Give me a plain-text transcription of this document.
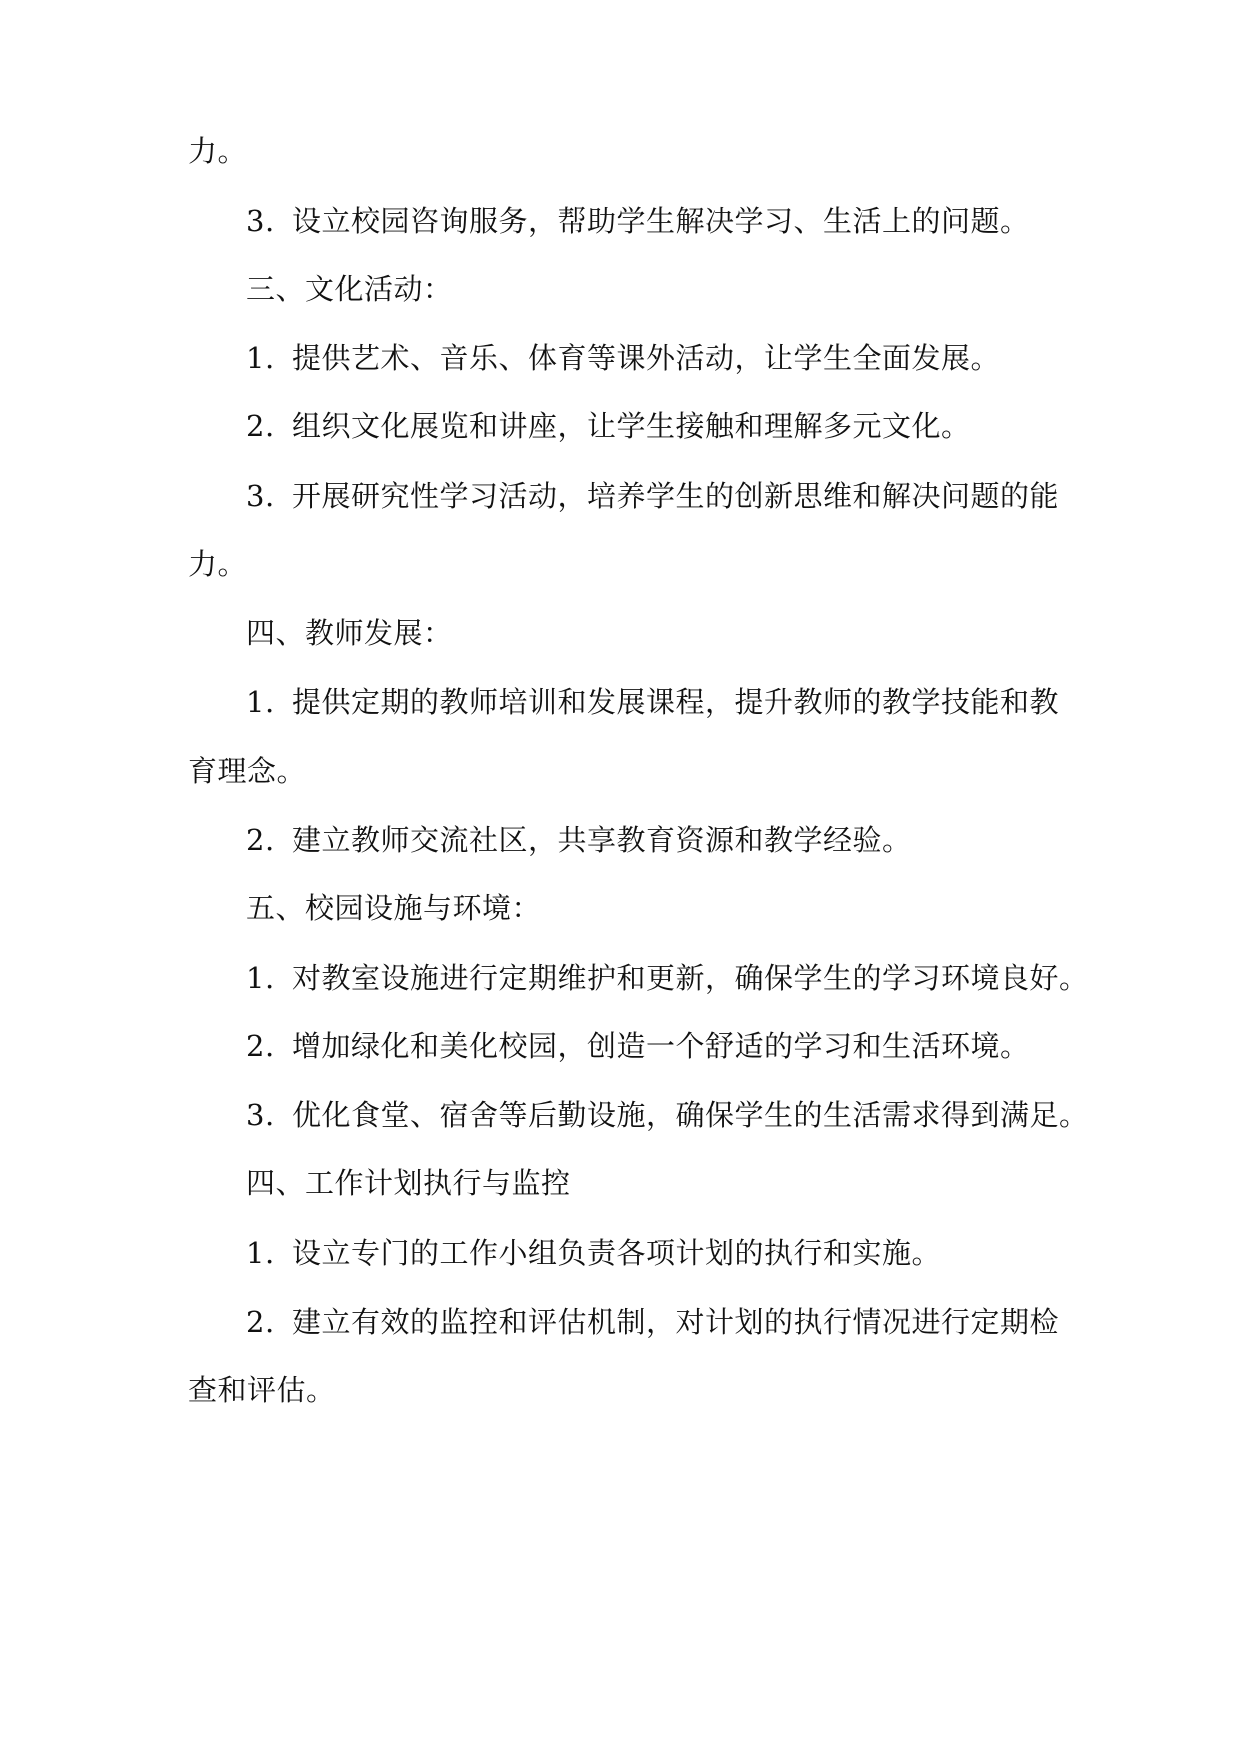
力。
3. 设立校园咨询服务，帮助学生解决学习、生活上的问题。
三、文化活动：
1. 提供艺术、音乐、体育等课外活动，让学生全面发展。
2. 组织文化展览和讲座，让学生接触和理解多元文化。
3. 开展研究性学习活动，培养学生的创新思维和解决问题的能
力。
四、教师发展：
1. 提供定期的教师培训和发展课程，提升教师的教学技能和教
育理念。
2. 建立教师交流社区，共享教育资源和教学经验。
五、校园设施与环境：
1. 对教室设施进行定期维护和更新，确保学生的学习环境良好。
2. 增加绿化和美化校园，创造一个舒适的学习和生活环境。
3. 优化食堂、宿舍等后勤设施，确保学生的生活需求得到满足。
四、工作计划执行与监控
1. 设立专门的工作小组负责各项计划的执行和实施。
2. 建立有效的监控和评估机制，对计划的执行情况进行定期检
查和评估。
